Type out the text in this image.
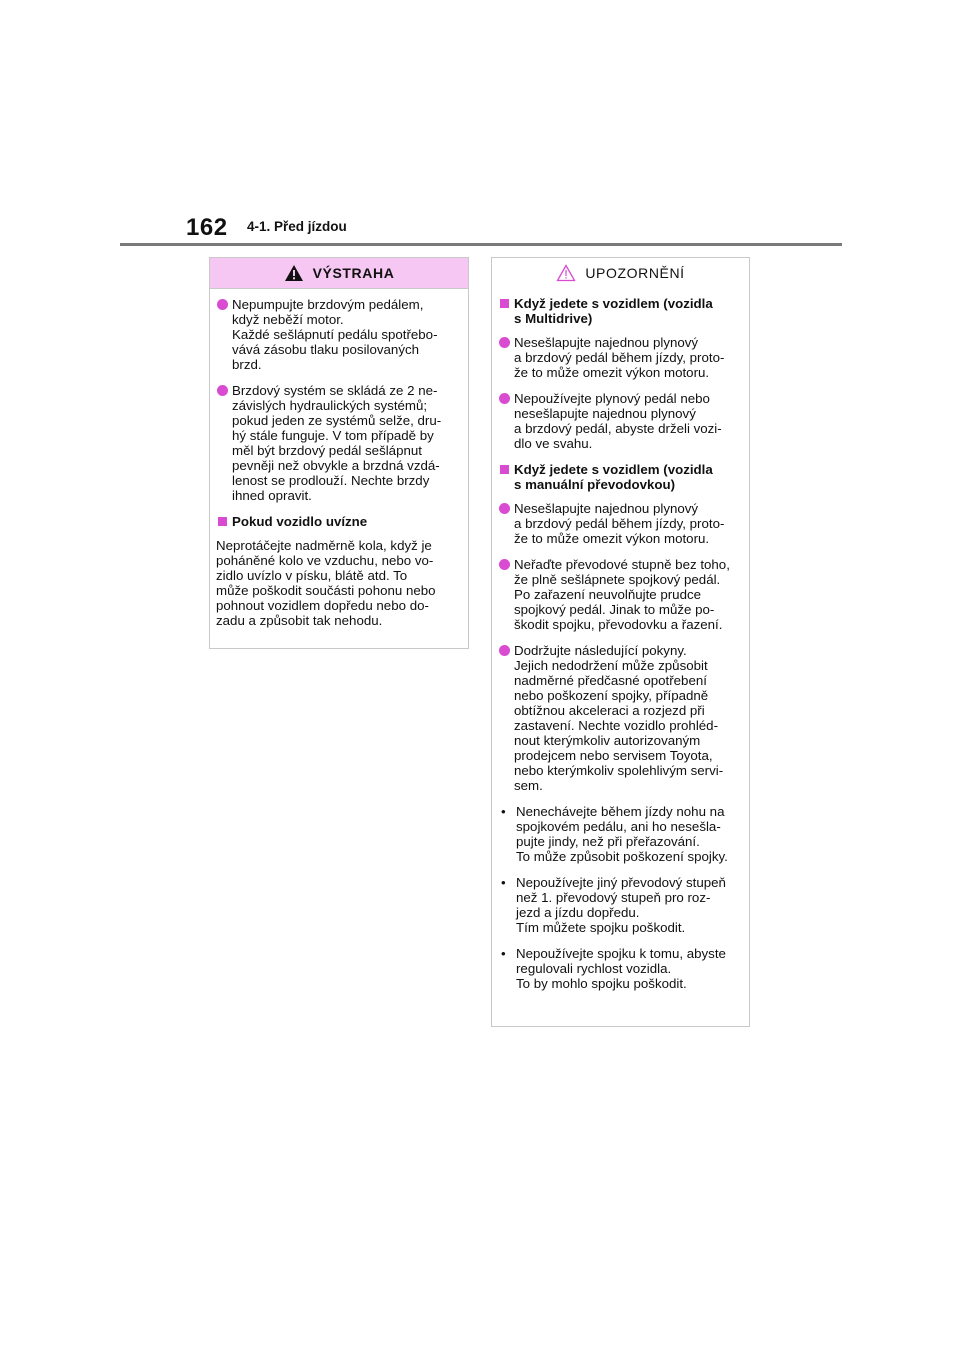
162 4-1. Před jízdou
VÝSTRAHA
Nepumpujte brzdovým pedálem,
když neběží motor.
Každé sešlápnutí pedálu spotřebo-
vává zásobu tlaku posilovaných
brzd.
Brzdový systém se skládá ze 2 ne-
závislých hydraulických systémů;
pokud jeden ze systémů selže, dru-
hý stále funguje. V tom případě by
měl být brzdový pedál sešlápnut
pevněji než obvykle a brzdná vzdá-
lenost se prodlouží. Nechte brzdy
ihned opravit.
Pokud vozidlo uvízne
Neprotáčejte nadměrně kola, když je
poháněné kolo ve vzduchu, nebo vo-
zidlo uvízlo v písku, blátě atd. To
může poškodit součásti pohonu nebo
pohnout vozidlem dopředu nebo do-
zadu a způsobit tak nehodu.
UPOZORNĚNÍ
Když jedete s vozidlem (vozidla
s Multidrive)
Nesešlapujte najednou plynový
a brzdový pedál během jízdy, proto-
že to může omezit výkon motoru.
Nepoužívejte plynový pedál nebo
nesešlapujte najednou plynový
a brzdový pedál, abyste drželi vozi-
dlo ve svahu.
Když jedete s vozidlem (vozidla
s manuální převodovkou)
Nesešlapujte najednou plynový
a brzdový pedál během jízdy, proto-
že to může omezit výkon motoru.
Neřaďte převodové stupně bez toho,
že plně sešlápnete spojkový pedál.
Po zařazení neuvolňujte prudce
spojkový pedál. Jinak to může po-
škodit spojku, převodovku a řazení.
Dodržujte následující pokyny.
Jejich nedodržení může způsobit
nadměrné předčasné opotřebení
nebo poškození spojky, případně
obtížnou akceleraci a rozjezd při
zastavení. Nechte vozidlo prohléd-
nout kterýmkoliv autorizovaným
prodejcem nebo servisem Toyota,
nebo kterýmkoliv spolehlivým servi-
sem.
• Nenechávejte během jízdy nohu na
spojkovém pedálu, ani ho nesešla-
pujte jindy, než při přeřazování.
To může způsobit poškození spojky.
• Nepoužívejte jiný převodový stupeň
než 1. převodový stupeň pro roz-
jezd a jízdu dopředu.
Tím můžete spojku poškodit.
• Nepoužívejte spojku k tomu, abyste
regulovali rychlost vozidla.
To by mohlo spojku poškodit.
